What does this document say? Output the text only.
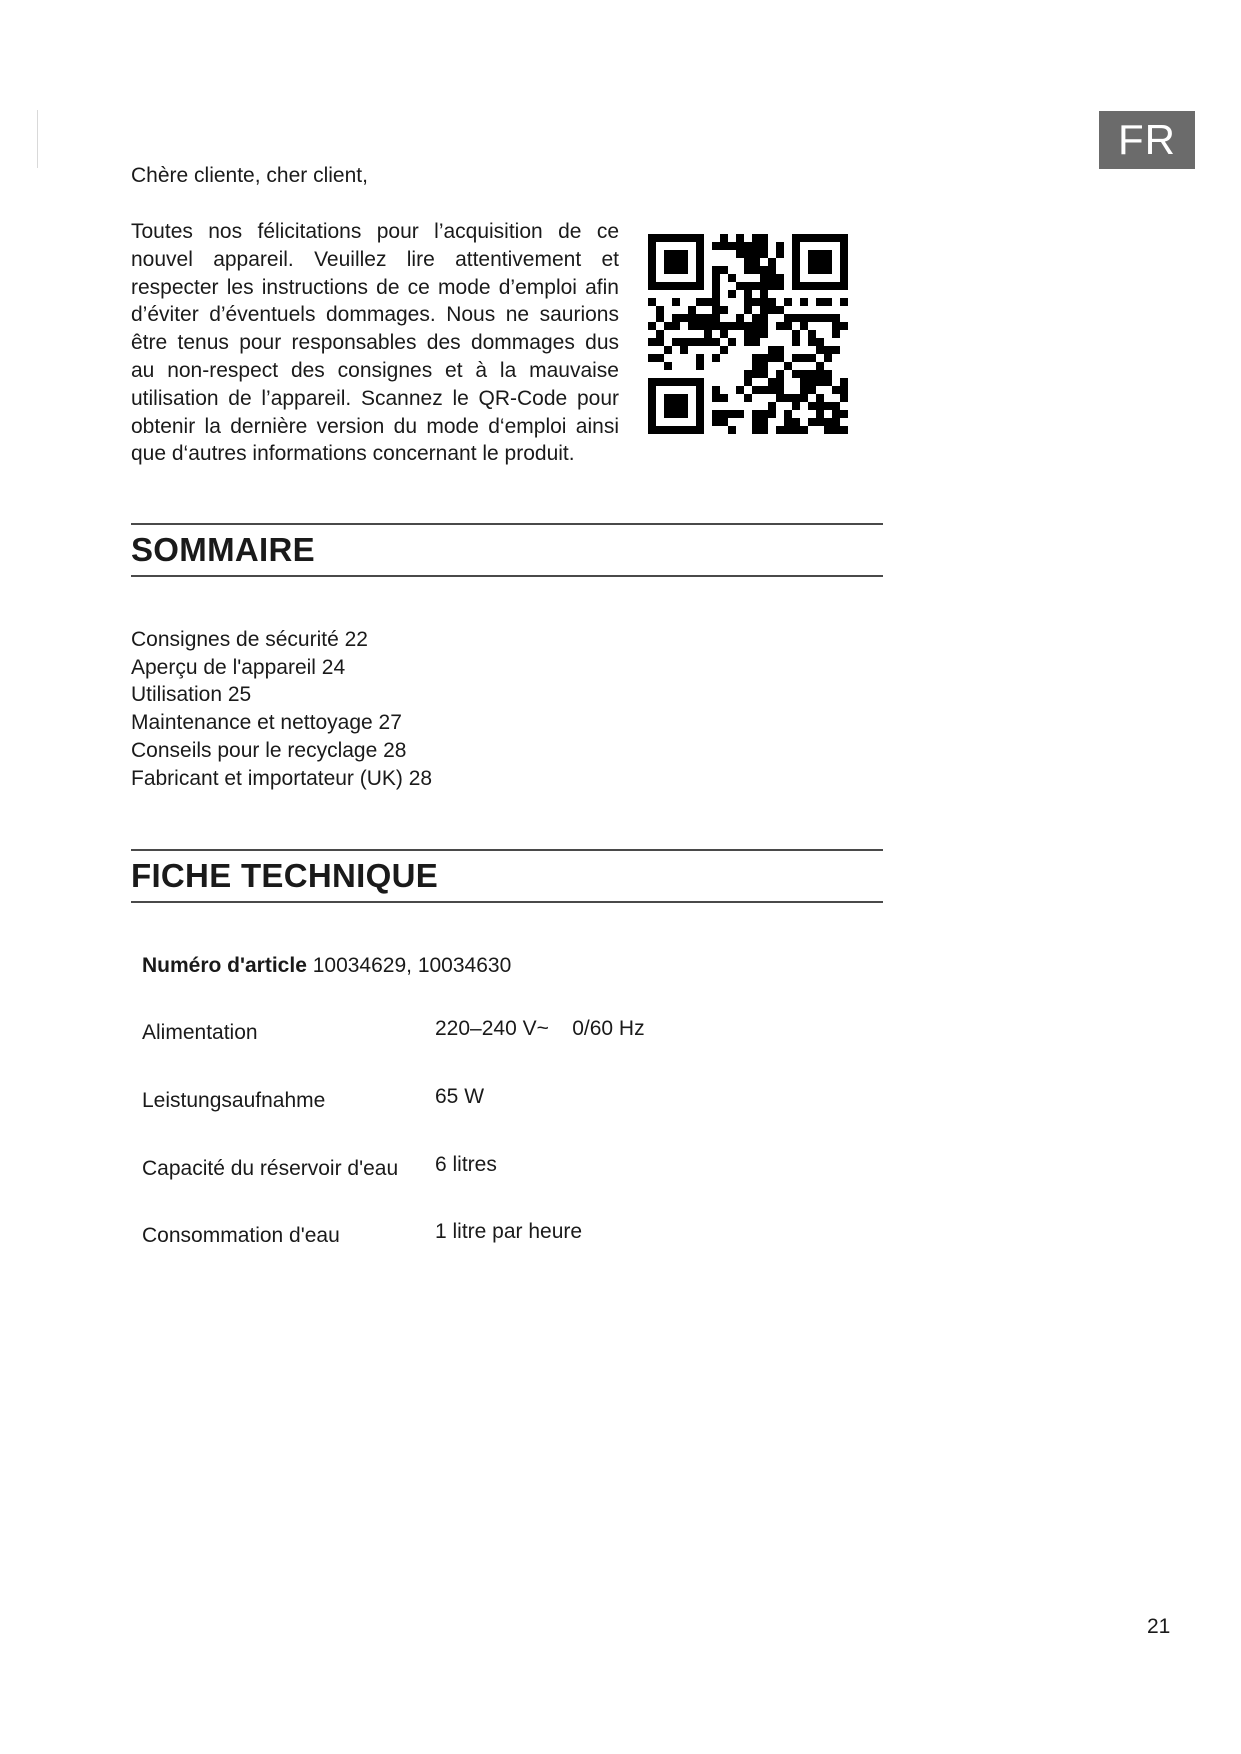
FR
Chère cliente, cher client,

Toutes nos félicitations pour l’acquisition de ce nouvel appareil. Veuillez lire attentivement et respecter les instructions de ce mode d’emploi afin d’éviter d’éventuels dommages. Nous ne saurions être tenus pour responsables des dommages dus au non-respect des consignes et à la mauvaise utilisation de l’appareil. Scannez le QR-Code pour obtenir la dernière version du mode d‘emploi ainsi que d‘autres informations concernant le produit.

SOMMAIRE
Consignes de sécurité 22
Aperçu de l'appareil 24
Utilisation 25
Maintenance et nettoyage 27
Conseils pour le recyclage 28
Fabricant et importateur (UK) 28
FICHE TECHNIQUE
Numéro d'article 10034629, 10034630
Alimentation	220–240 V~    0/60 Hz
Leistungsaufnahme	65 W
Capacité du réservoir d'eau 6 litres
Consommation d'eau	1 litre par heure
21
